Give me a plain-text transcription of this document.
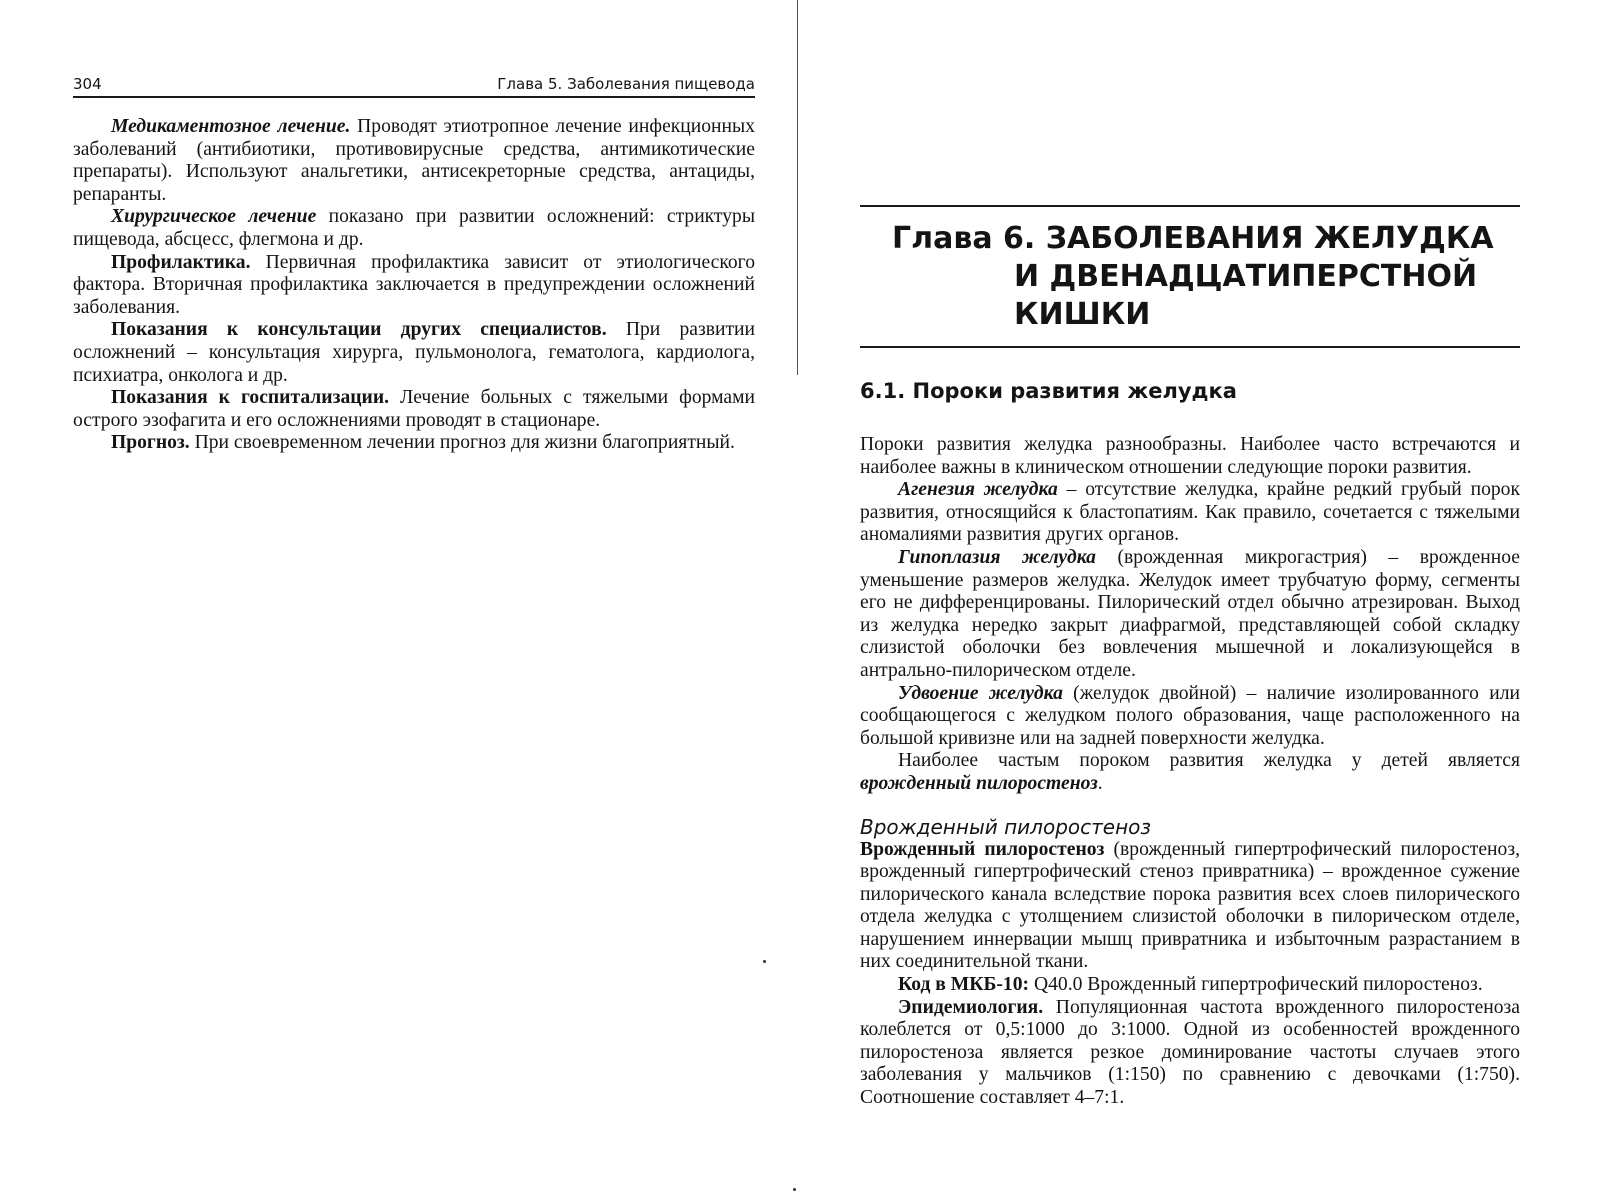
304	Глава 5. Заболевания пищевода

Медикаментозное лечение. Проводят этиотропное лечение инфекционных заболеваний (антибиотики, противовирусные средства, антимикотические препараты). Используют анальгетики, антисекреторные средства, антациды, репаранты.

Хирургическое лечение показано при развитии осложнений: стриктуры пищевода, абсцесс, флегмона и др.

Профилактика. Первичная профилактика зависит от этиологического фактора. Вторичная профилактика заключается в предупреждении осложнений заболевания.

Показания к консультации других специалистов. При развитии осложнений – консультация хирурга, пульмонолога, гематолога, кардиолога, психиатра, онколога и др.

Показания к госпитализации. Лечение больных с тяжелыми формами острого эзофагита и его осложнениями проводят в стационаре.

Прогноз. При своевременном лечении прогноз для жизни благоприятный.

Глава 6. ЗАБОЛЕВАНИЯ ЖЕЛУДКА
И ДВЕНАДЦАТИПЕРСТНОЙ
КИШКИ
6.1. Пороки развития желудка

Пороки развития желудка разнообразны. Наиболее часто встречаются и наиболее важны в клиническом отношении следующие пороки развития.

Агенезия желудка – отсутствие желудка, крайне редкий грубый порок развития, относящийся к бластопатиям. Как правило, сочетается с тяжелыми аномалиями развития других органов.

Гипоплазия желудка (врожденная микрогастрия) – врожденное уменьшение размеров желудка. Желудок имеет трубчатую форму, сегменты его не дифференцированы. Пилорический отдел обычно атрезирован. Выход из желудка нередко закрыт диафрагмой, представляющей собой складку слизистой оболочки без вовлечения мышечной и локализующейся в антрально-пилорическом отделе.

Удвоение желудка (желудок двойной) – наличие изолированного или сообщающегося с желудком полого образования, чаще расположенного на большой кривизне или на задней поверхности желудка.

Наиболее частым пороком развития желудка у детей является врожденный пилоростеноз.

Врожденный пилоростеноз

Врожденный пилоростеноз (врожденный гипертрофический пилоростеноз, врожденный гипертрофический стеноз привратника) – врожденное сужение пилорического канала вследствие порока развития всех слоев пилорического отдела желудка с утолщением слизистой оболочки в пилорическом отделе, нарушением иннервации мышц привратника и избыточным разрастанием в них соединительной ткани.

Код в МКБ-10: Q40.0 Врожденный гипертрофический пилоростеноз.

Эпидемиология. Популяционная частота врожденного пилоростеноза колеблется от 0,5:1000 до 3:1000. Одной из особенностей врожденного пилоростеноза является резкое доминирование частоты случаев этого заболевания у мальчиков (1:150) по сравнению с девочками (1:750). Соотношение составляет 4–7:1.
